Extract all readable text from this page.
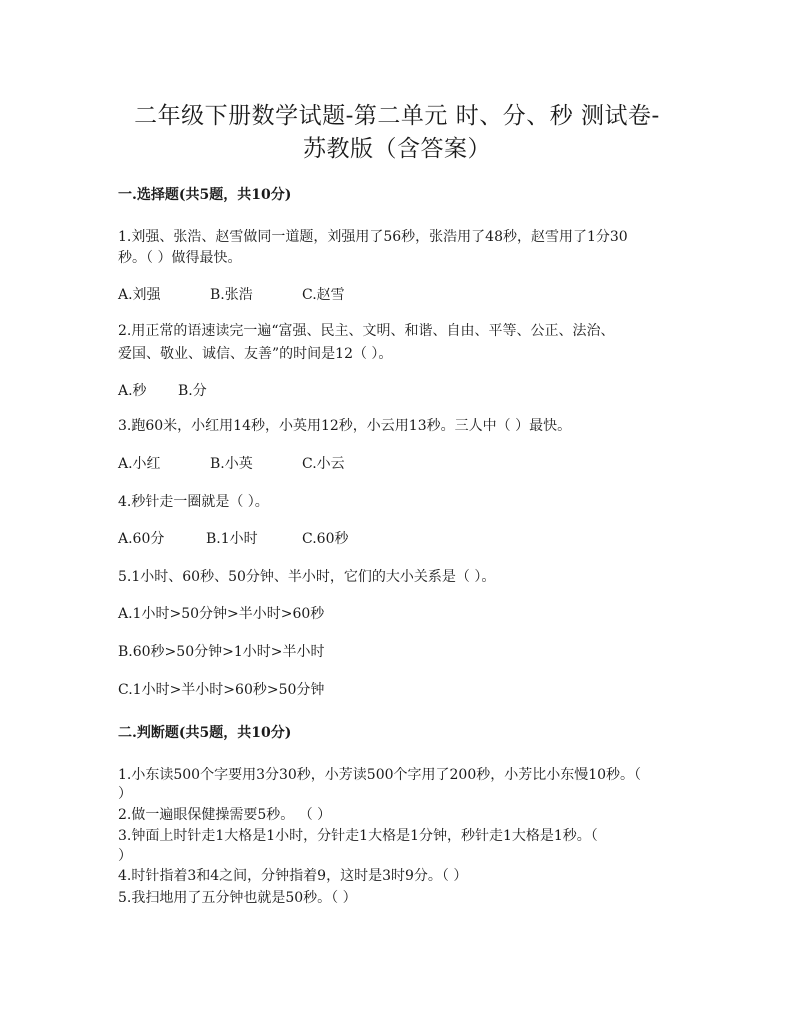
二年级下册数学试题-第二单元 时、分、秒 测试卷-
苏教版（含答案）
一.选择题(共5题，共10分)

1.刘强、张浩、赵雪做同一道题，刘强用了56秒，张浩用了48秒，赵雪用了1分30

秒。（ ）做得最快。

A.刘强	B.张浩	C.赵雪

2.用正常的语速读完一遍“富强、民主、文明、和谐、自由、平等、公正、法治、

爱国、敬业、诚信、友善”的时间是12（ ）。

A.秒 B.分

3.跑60米，小红用14秒，小英用12秒，小云用13秒。三人中（ ）最快。

A.小红	B.小英	C.小云

4.秒针走一圈就是（ ）。

A.60分	B.1小时	C.60秒

5.1小时、60秒、50分钟、半小时，它们的大小关系是（ ）。

A.1小时>50分钟>半小时>60秒

B.60秒>50分钟>1小时>半小时

C.1小时>半小时>60秒>50分钟

二.判断题(共5题，共10分)

1.小东读500个字要用3分30秒，小芳读500个字用了200秒，小芳比小东慢10秒。（

）

2.做一遍眼保健操需要5秒。 （ ）

3.钟面上时针走1大格是1小时，分针走1大格是1分钟，秒针走1大格是1秒。（

）

4.时针指着3和4之间，分钟指着9，这时是3时9分。（ ）

5.我扫地用了五分钟也就是50秒。（ ）
